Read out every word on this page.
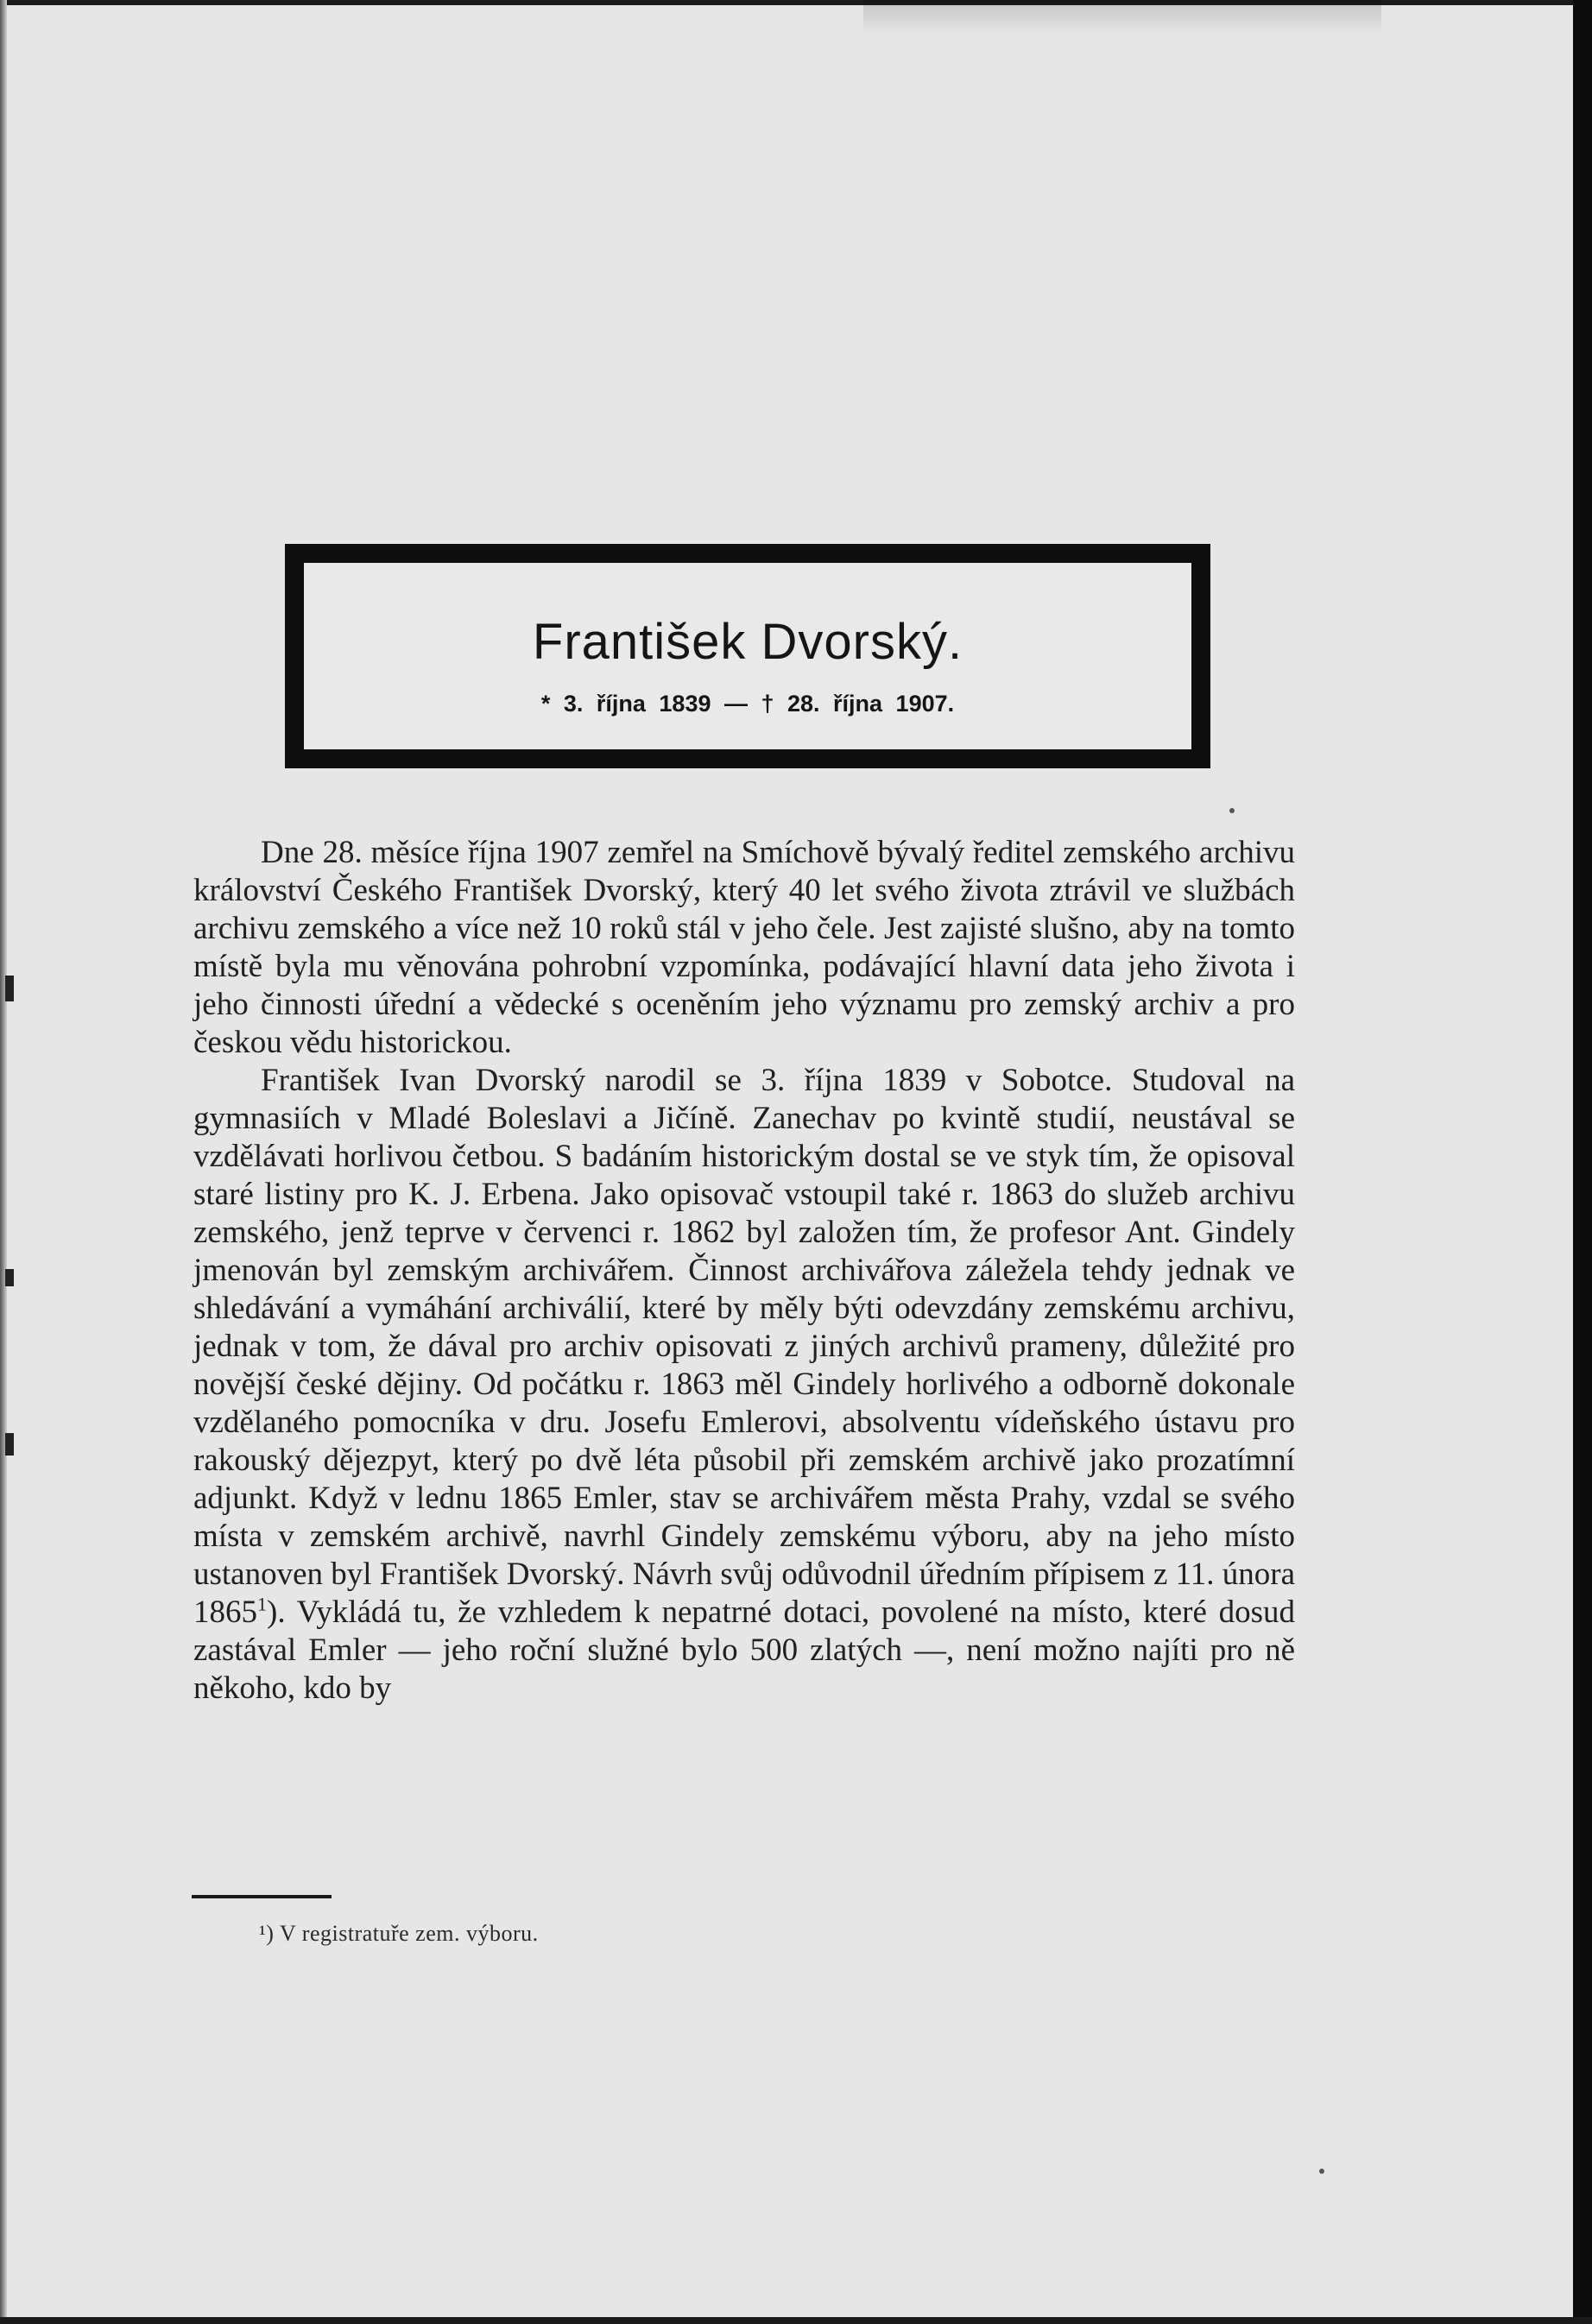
František Dvorský.
* 3. října 1839 — † 28. října 1907.

Dne 28. měsíce října 1907 zemřel na Smíchově bývalý ředitel zemského archivu království Českého František Dvorský, který 40 let svého života ztrávil ve službách archivu zemského a více než 10 roků stál v jeho čele. Jest zajisté slušno, aby na tomto místě byla mu věnována pohrobní vzpomínka, podávající hlavní data jeho života i jeho činnosti úřední a vědecké s oceněním jeho významu pro zemský archiv a pro českou vědu historickou.

František Ivan Dvorský narodil se 3. října 1839 v Sobotce. Studoval na gymnasiích v Mladé Boleslavi a Jičíně. Zanechav po kvintě studií, neustával se vzdělávati horlivou četbou. S badáním historickým dostal se ve styk tím, že opisoval staré listiny pro K. J. Erbena. Jako opisovač vstoupil také r. 1863 do služeb archivu zemského, jenž teprve v červenci r. 1862 byl založen tím, že profesor Ant. Gindely jmenován byl zemským archivářem. Činnost archivářova záležela tehdy jednak ve shledávání a vymáhání archiválií, které by měly býti odevzdány zemskému archivu, jednak v tom, že dával pro archiv opisovati z jiných archivů prameny, důležité pro novější české dějiny. Od počátku r. 1863 měl Gindely horlivého a odborně dokonale vzdělaného pomocníka v dru. Josefu Emlerovi, absolventu vídeňského ústavu pro rakouský dějezpyt, který po dvě léta působil při zemském archivě jako prozatímní adjunkt. Když v lednu 1865 Emler, stav se archivářem města Prahy, vzdal se svého místa v zemském archivě, navrhl Gindely zemskému výboru, aby na jeho místo ustanoven byl František Dvorský. Návrh svůj odůvodnil úředním přípisem z 11. února 1865$^1$). Vykládá tu, že vzhledem k nepatrné dotaci, povolené na místo, které dosud zastával Emler — jeho roční služné bylo 500 zlatých —, není možno najíti pro ně někoho, kdo by

¹) V registratuře zem. výboru.
